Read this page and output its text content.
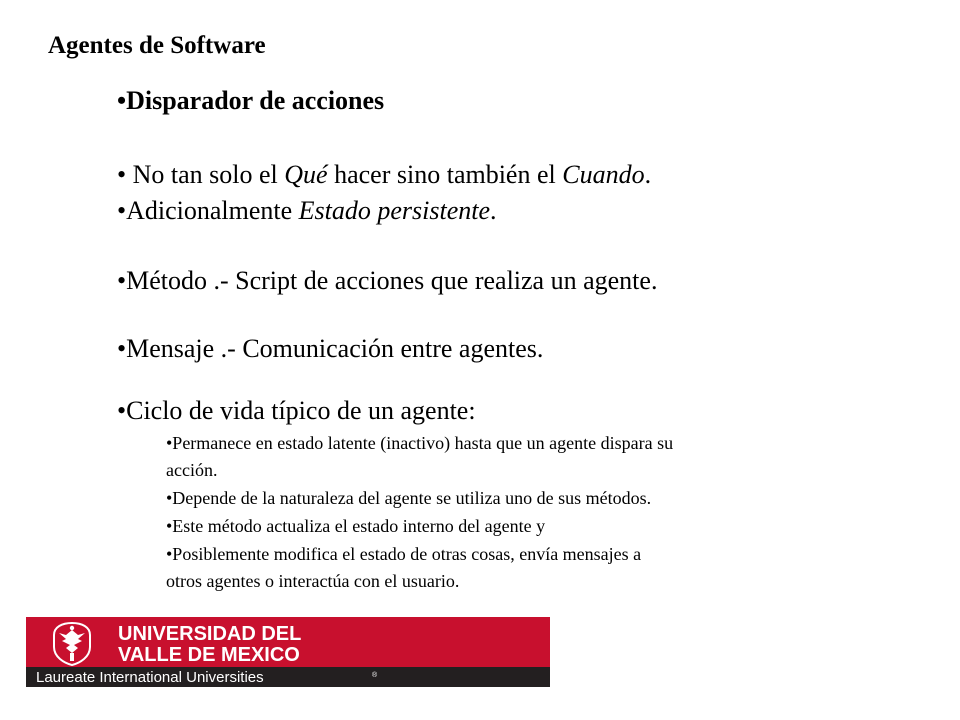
Agentes de Software
•Disparador de acciones
• No tan solo el Qué hacer sino también el Cuando.
•Adicionalmente Estado persistente.
•Método .- Script de acciones que realiza un agente.
•Mensaje .- Comunicación entre agentes.
•Ciclo de vida típico de un agente:
•Permanece en estado latente (inactivo) hasta que un agente dispara su
acción.
•Depende de la naturaleza del agente se utiliza uno de sus métodos.
•Este método actualiza el estado interno del agente y
•Posiblemente modifica el estado de otras cosas, envía mensajes a
otros agentes o interactúa con el usuario.
UNIVERSIDAD DEL
VALLE DE MEXICO
Laureate International Universities	®
